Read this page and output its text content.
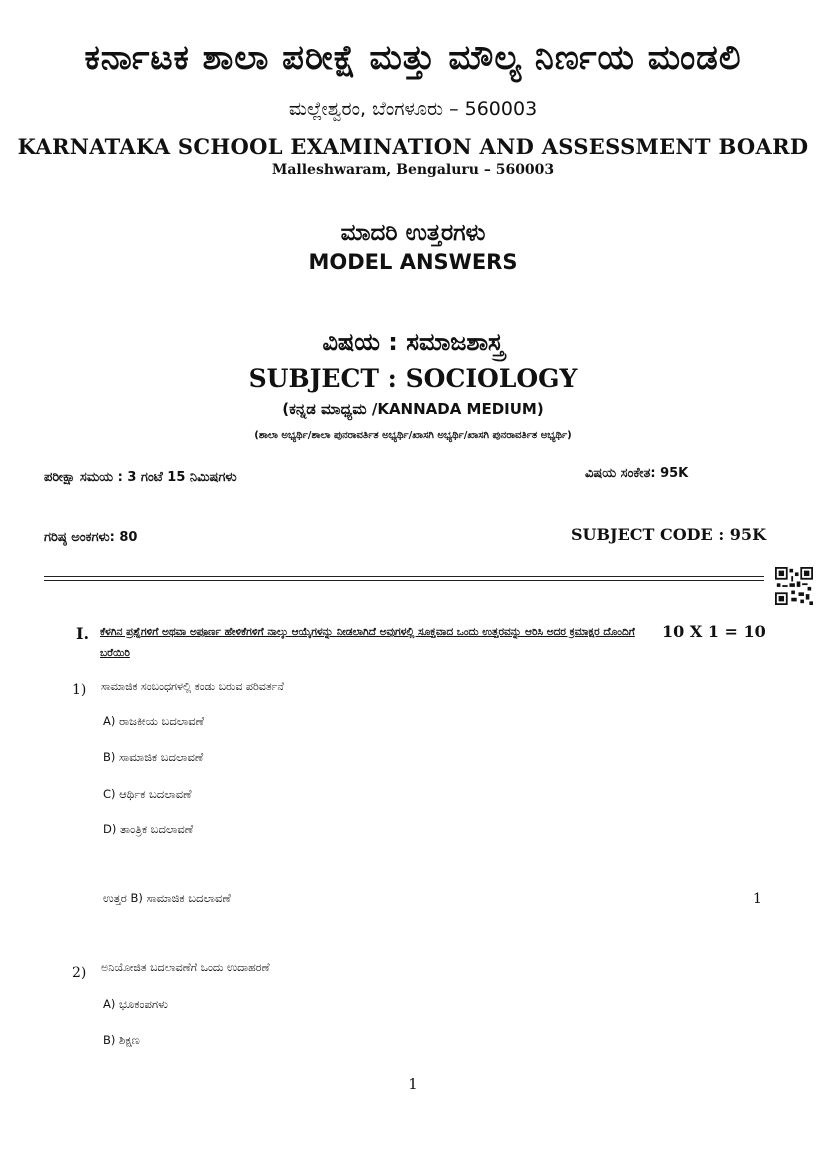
ಕರ್ನಾಟಕ ಶಾಲಾ ಪರೀಕ್ಷೆ ಮತ್ತು ಮೌಲ್ಯ ನಿರ್ಣಯ ಮಂಡಲಿ
ಮಲ್ಲೇಶ್ವರಂ, ಬೆಂಗಳೂರು – 560003
KARNATAKA SCHOOL EXAMINATION AND ASSESSMENT BOARD
Malleshwaram, Bengaluru – 560003
ಮಾದರಿ ಉತ್ತರಗಳು
MODEL ANSWERS
ವಿಷಯ : ಸಮಾಜಶಾಸ್ತ್ರ
SUBJECT : SOCIOLOGY
(ಕನ್ನಡ ಮಾಧ್ಯಮ /KANNADA MEDIUM)
(ಶಾಲಾ ಅಭ್ಯರ್ಥಿ/ಶಾಲಾ ಪುನರಾವರ್ತಿತ ಅಭ್ಯರ್ಥಿ/ಖಾಸಗಿ ಅಭ್ಯರ್ಥಿ/ಖಾಸಗಿ ಪುನರಾವರ್ತಿತ ಅಭ್ಯರ್ಥಿ)
ಪರೀಕ್ಷಾ ಸಮಯ : 3 ಗಂಟೆ 15 ನಿಮಿಷಗಳು	ವಿಷಯ ಸಂಕೇತ: 95K
ಗರಿಷ್ಠ ಅಂಕಗಳು: 80	SUBJECT CODE : 95K
I. ಕೆಳಗಿನ ಪ್ರಶ್ನೆಗಳಿಗೆ ಅಥವಾ ಅಪೂರ್ಣ ಹೇಳಿಕೆಗಳಿಗೆ ನಾಲ್ಕು ಆಯ್ಕೆಗಳನ್ನು ನೀಡಲಾಗಿದೆ ಅವುಗಳಲ್ಲಿ ಸೂಕ್ತವಾದ ಒಂದು ಉತ್ತರವನ್ನು ಆರಿಸಿ ಅದರ ಕ್ರಮಾಕ್ಷರ ದೊಂದಿಗೆ ಬರೆಯಿರಿ
10 X 1 = 10
1) ಸಾಮಾಜಿಕ ಸಂಬಂಧಗಳಲ್ಲಿ ಕಂಡು ಬರುವ ಪರಿವರ್ತನೆ
A) ರಾಜಕೀಯ ಬದಲಾವಣೆ
B) ಸಾಮಾಜಿಕ ಬದಲಾವಣೆ
C) ಆರ್ಥಿಕ ಬದಲಾವಣೆ
D) ತಾಂತ್ರಿಕ ಬದಲಾವಣೆ
ಉತ್ತರ B) ಸಾಮಾಜಿಕ ಬದಲಾವಣೆ	1
2) ಅನಿಯೋಜಿತ ಬದಲಾವಣೆಗೆ ಒಂದು ಉದಾಹರಣೆ
A) ಭೂಕಂಪಗಳು
B) ಶಿಕ್ಷಣ
1
